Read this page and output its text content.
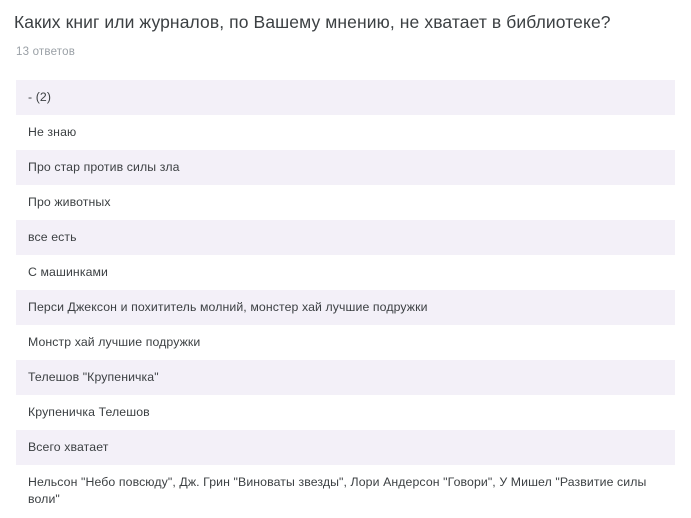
Каких книг или журналов, по Вашему мнению, не хватает в библиотеке?
13 ответов
- (2)
Не знаю
Про стар против силы зла
Про животных
все есть
С машинками
Перси Джексон и похититель молний, монстер хай лучшие подружки
Монстр хай лучшие подружки
Телешов "Крупеничка"
Крупеничка Телешов
Всего хватает
Нельсон "Небо повсюду", Дж. Грин "Виноваты звезды", Лори Андерсон "Говори", У Мишел "Развитие силы воли"
